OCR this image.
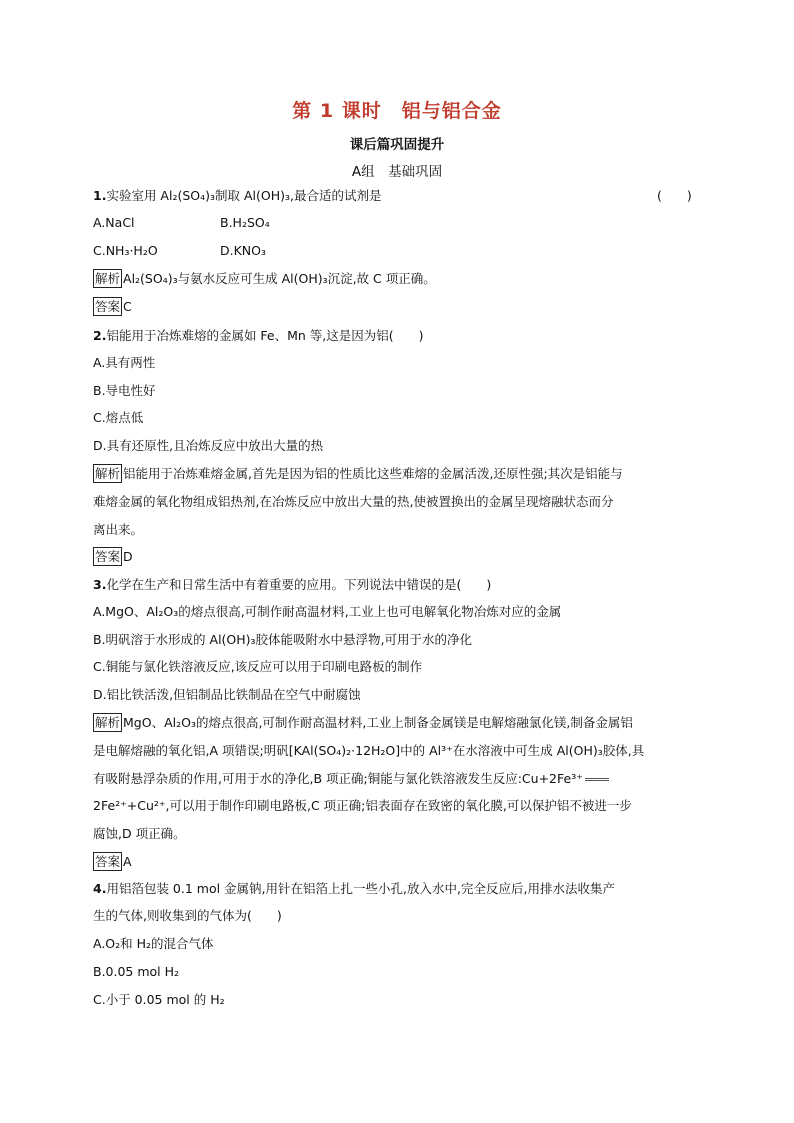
第 1 课时　铝与铝合金
课后篇巩固提升
A组　基础巩固
1.实验室用 Al₂(SO₄)₃制取 Al(OH)₃,最合适的试剂是	(　　)
A.NaCl	B.H₂SO₄
C.NH₃·H₂O	D.KNO₃
解析 Al₂(SO₄)₃与氨水反应可生成 Al(OH)₃沉淀,故 C 项正确。
答案 C
2.铝能用于冶炼难熔的金属如 Fe、Mn 等,这是因为铝(　　)
A.具有两性
B.导电性好
C.熔点低
D.具有还原性,且冶炼反应中放出大量的热
解析 铝能用于冶炼难熔金属,首先是因为铝的性质比这些难熔的金属活泼,还原性强;其次是铝能与
难熔金属的氧化物组成铝热剂,在冶炼反应中放出大量的热,使被置换出的金属呈现熔融状态而分
离出来。
答案 D
3.化学在生产和日常生活中有着重要的应用。下列说法中错误的是(　　)
A.MgO、Al₂O₃的熔点很高,可制作耐高温材料,工业上也可电解氧化物冶炼对应的金属
B.明矾溶于水形成的 Al(OH)₃胶体能吸附水中悬浮物,可用于水的净化
C.铜能与氯化铁溶液反应,该反应可以用于印刷电路板的制作
D.铝比铁活泼,但铝制品比铁制品在空气中耐腐蚀
解析 MgO、Al₂O₃的熔点很高,可制作耐高温材料,工业上制备金属镁是电解熔融氯化镁,制备金属铝
是电解熔融的氧化铝,A 项错误;明矾[KAl(SO₄)₂·12H₂O]中的 Al³⁺在水溶液中可生成 Al(OH)₃胶体,具
有吸附悬浮杂质的作用,可用于水的净化,B 项正确;铜能与氯化铁溶液发生反应:Cu+2Fe³⁺
2Fe²⁺+Cu²⁺,可以用于制作印刷电路板,C 项正确;铝表面存在致密的氧化膜,可以保护铝不被进一步
腐蚀,D 项正确。
答案 A
4.用铝箔包装 0.1 mol 金属钠,用针在铝箔上扎一些小孔,放入水中,完全反应后,用排水法收集产
生的气体,则收集到的气体为(　　)
A.O₂和 H₂的混合气体
B.0.05 mol H₂
C.小于 0.05 mol 的 H₂
